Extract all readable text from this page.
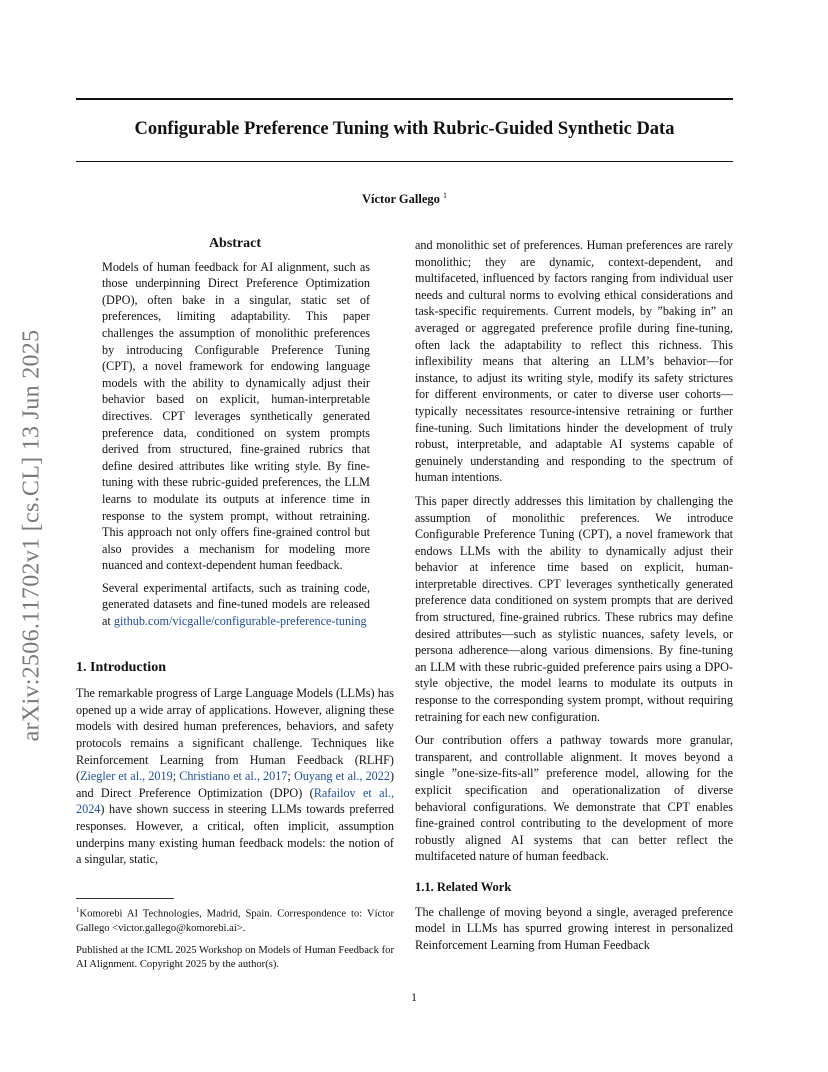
Configurable Preference Tuning with Rubric-Guided Synthetic Data
Víctor Gallego $^1$
arXiv:2506.11702v1 [cs.CL] 13 Jun 2025
Abstract

Models of human feedback for AI alignment, such as those underpinning Direct Preference Optimization (DPO), often bake in a singular, static set of preferences, limiting adaptability. This paper challenges the assumption of monolithic preferences by introducing Configurable Preference Tuning (CPT), a novel framework for endowing language models with the ability to dynamically adjust their behavior based on explicit, human-interpretable directives. CPT leverages synthetically generated preference data, conditioned on system prompts derived from structured, fine-grained rubrics that define desired attributes like writing style. By fine-tuning with these rubric-guided preferences, the LLM learns to modulate its outputs at inference time in response to the system prompt, without retraining. This approach not only offers fine-grained control but also provides a mechanism for modeling more nuanced and context-dependent human feedback.

Several experimental artifacts, such as training code, generated datasets and fine-tuned models are released at github.com/vicgalle/configurable-preference-tuning

1. Introduction

The remarkable progress of Large Language Models (LLMs) has opened up a wide array of applications. However, aligning these models with desired human preferences, behaviors, and safety protocols remains a significant challenge. Techniques like Reinforcement Learning from Human Feedback (RLHF) (Ziegler et al., 2019; Christiano et al., 2017; Ouyang et al., 2022) and Direct Preference Optimization (DPO) (Rafailov et al., 2024) have shown success in steering LLMs towards preferred responses. However, a critical, often implicit, assumption underpins many existing human feedback models: the notion of a singular, static,

$^1$Komorebi AI Technologies, Madrid, Spain. Correspondence to: Víctor Gallego <victor.gallego@komorebi.ai>.
Published at the ICML 2025 Workshop on Models of Human Feedback for AI Alignment. Copyright 2025 by the author(s).

and monolithic set of preferences. Human preferences are rarely monolithic; they are dynamic, context-dependent, and multifaceted, influenced by factors ranging from individual user needs and cultural norms to evolving ethical considerations and task-specific requirements. Current models, by ”baking in” an averaged or aggregated preference profile during fine-tuning, often lack the adaptability to reflect this richness. This inflexibility means that altering an LLM’s behavior—for instance, to adjust its writing style, modify its safety strictures for different environments, or cater to diverse user cohorts—typically necessitates resource-intensive retraining or further fine-tuning. Such limitations hinder the development of truly robust, interpretable, and adaptable AI systems capable of genuinely understanding and responding to the spectrum of human intentions.

This paper directly addresses this limitation by challenging the assumption of monolithic preferences. We introduce Configurable Preference Tuning (CPT), a novel framework that endows LLMs with the ability to dynamically adjust their behavior at inference time based on explicit, human-interpretable directives. CPT leverages synthetically generated preference data conditioned on system prompts that are derived from structured, fine-grained rubrics. These rubrics may define desired attributes—such as stylistic nuances, safety levels, or persona adherence—along various dimensions. By fine-tuning an LLM with these rubric-guided preference pairs using a DPO-style objective, the model learns to modulate its outputs in response to the corresponding system prompt, without requiring retraining for each new configuration.

Our contribution offers a pathway towards more granular, transparent, and controllable alignment. It moves beyond a single ”one-size-fits-all” preference model, allowing for the explicit specification and operationalization of diverse behavioral configurations. We demonstrate that CPT enables fine-grained control contributing to the development of more robustly aligned AI systems that can better reflect the multifaceted nature of human feedback.

1.1. Related Work

The challenge of moving beyond a single, averaged preference model in LLMs has spurred growing interest in personalized Reinforcement Learning from Human Feedback

1
